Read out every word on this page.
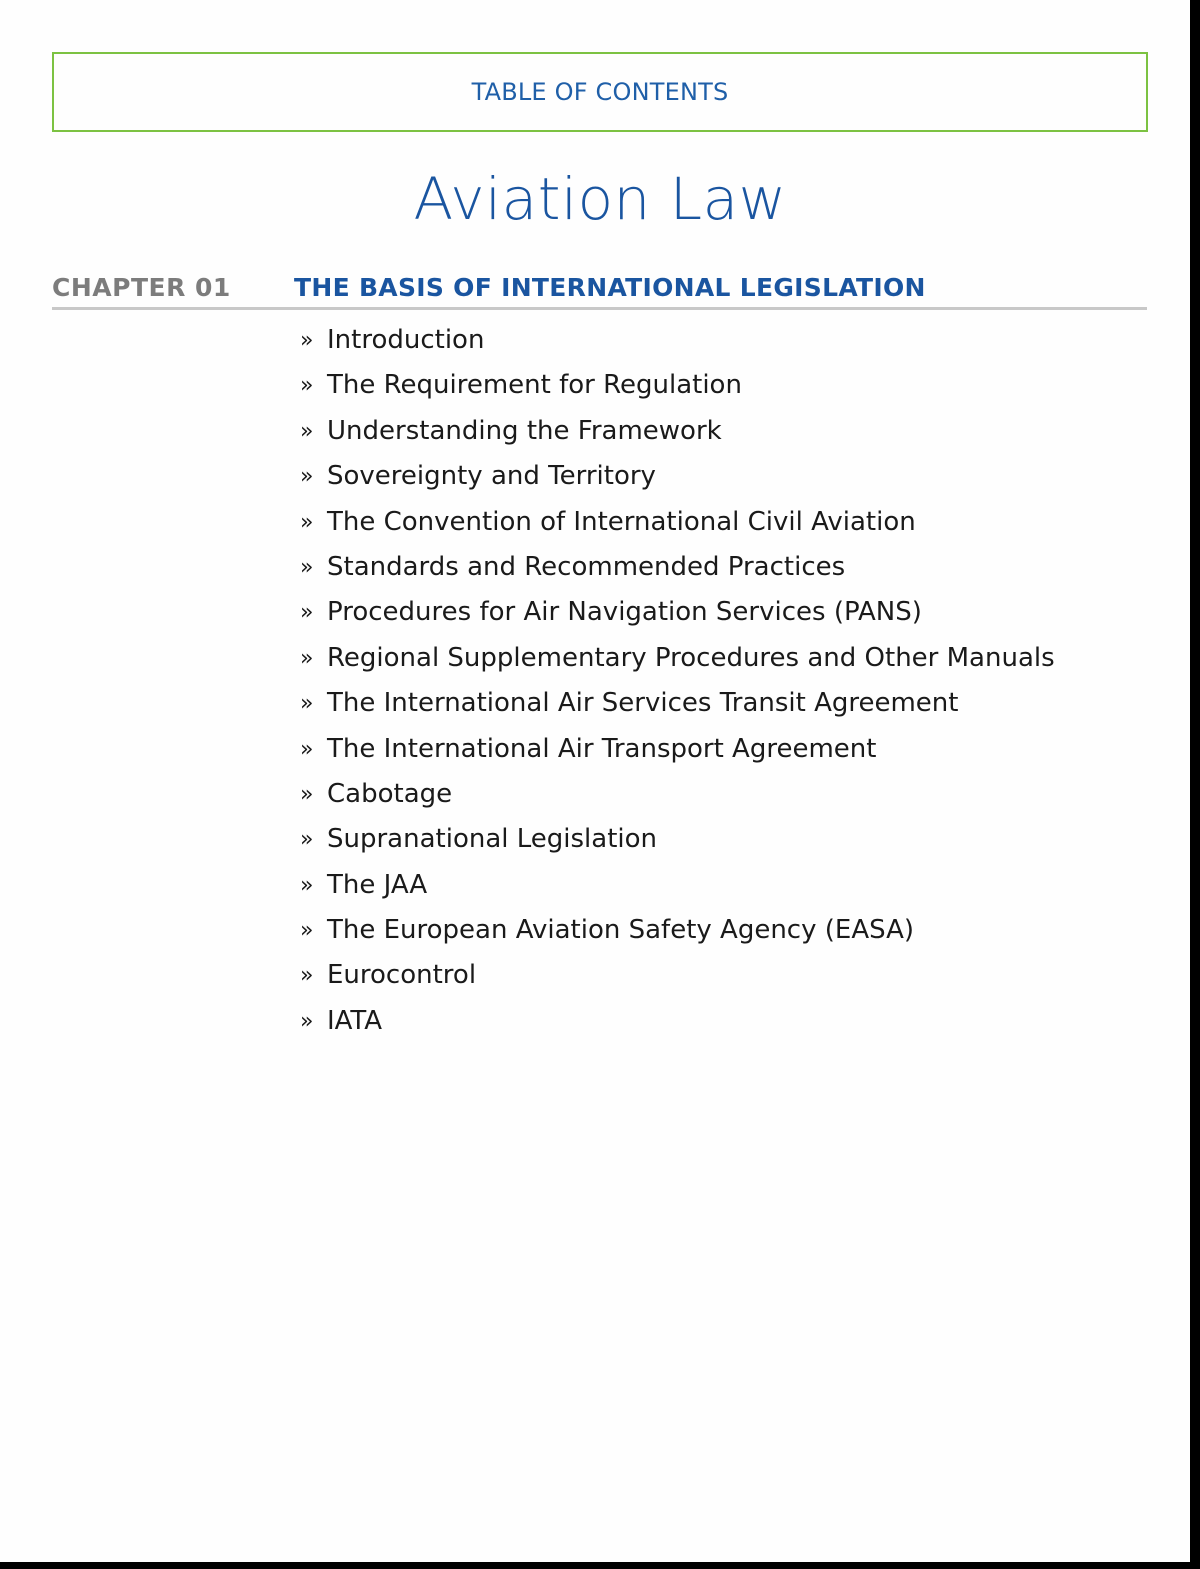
TABLE OF CONTENTS
Aviation Law
CHAPTER 01	THE BASIS OF INTERNATIONAL LEGISLATION
» Introduction
» The Requirement for Regulation
» Understanding the Framework
» Sovereignty and Territory
» The Convention of International Civil Aviation
» Standards and Recommended Practices
» Procedures for Air Navigation Services (PANS)
» Regional Supplementary Procedures and Other Manuals
» The International Air Services Transit Agreement
» The International Air Transport Agreement
» Cabotage
» Supranational Legislation
» The JAA
» The European Aviation Safety Agency (EASA)
» Eurocontrol
» IATA
